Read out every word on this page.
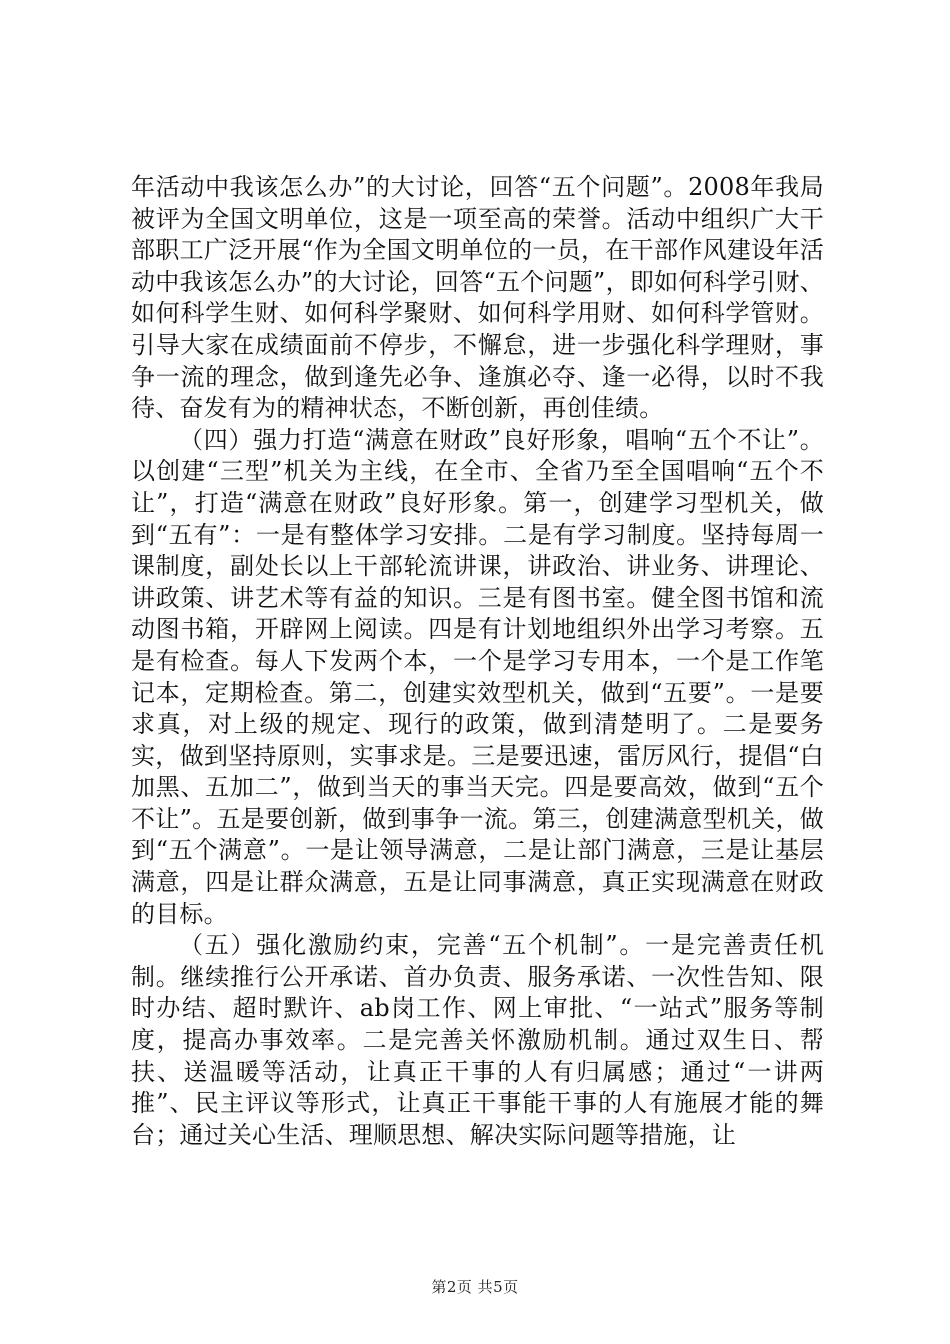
年活动中我该怎么办”的大讨论，回答“五个问题”。2008年我局被评为全国文明单位，这是一项至高的荣誉。活动中组织广大干部职工广泛开展“作为全国文明单位的一员，在干部作风建设年活动中我该怎么办”的大讨论，回答“五个问题”，即如何科学引财、如何科学生财、如何科学聚财、如何科学用财、如何科学管财。引导大家在成绩面前不停步，不懈怠，进一步强化科学理财，事争一流的理念，做到逢先必争、逢旗必夺、逢一必得，以时不我待、奋发有为的精神状态，不断创新，再创佳绩。

（四）强力打造“满意在财政”良好形象，唱响“五个不让”。以创建“三型”机关为主线，在全市、全省乃至全国唱响“五个不让”，打造“满意在财政”良好形象。第一，创建学习型机关，做到“五有”：一是有整体学习安排。二是有学习制度。坚持每周一课制度，副处长以上干部轮流讲课，讲政治、讲业务、讲理论、讲政策、讲艺术等有益的知识。三是有图书室。健全图书馆和流动图书箱，开辟网上阅读。四是有计划地组织外出学习考察。五是有检查。每人下发两个本，一个是学习专用本，一个是工作笔记本，定期检查。第二，创建实效型机关，做到“五要”。一是要求真，对上级的规定、现行的政策，做到清楚明了。二是要务实，做到坚持原则，实事求是。三是要迅速，雷厉风行，提倡“白加黑、五加二”，做到当天的事当天完。四是要高效，做到“五个不让”。五是要创新，做到事争一流。第三，创建满意型机关，做到“五个满意”。一是让领导满意，二是让部门满意，三是让基层满意，四是让群众满意，五是让同事满意，真正实现满意在财政的目标。

（五）强化激励约束，完善“五个机制”。一是完善责任机制。继续推行公开承诺、首办负责、服务承诺、一次性告知、限时办结、超时默许、ab岗工作、网上审批、“一站式”服务等制度，提高办事效率。二是完善关怀激励机制。通过双生日、帮扶、送温暖等活动，让真正干事的人有归属感；通过“一讲两推”、民主评议等形式，让真正干事能干事的人有施展才能的舞台；通过关心生活、理顺思想、解决实际问题等措施，让

第2页 共5页
